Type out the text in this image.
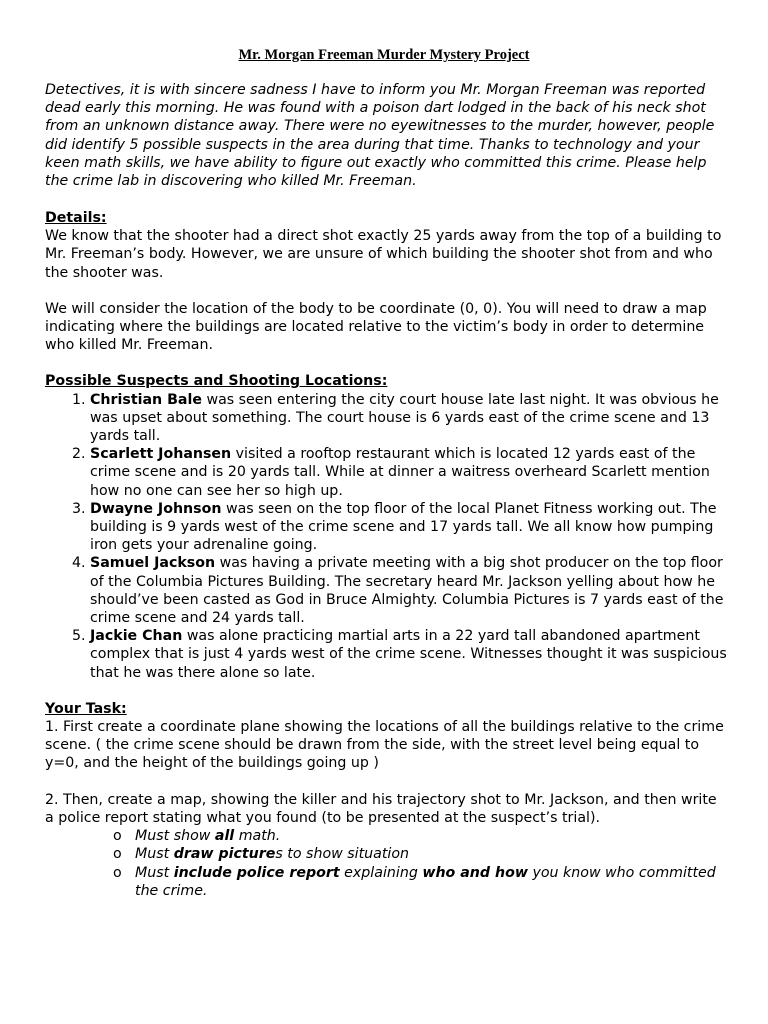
Mr. Morgan Freeman Murder Mystery Project

Detectives, it is with sincere sadness I have to inform you Mr. Morgan Freeman was reported dead early this morning. He was found with a poison dart lodged in the back of his neck shot from an unknown distance away. There were no eyewitnesses to the murder, however, people did identify 5 possible suspects in the area during that time. Thanks to technology and your keen math skills, we have ability to figure out exactly who committed this crime. Please help the crime lab in discovering who killed Mr. Freeman.

Details:

We know that the shooter had a direct shot exactly 25 yards away from the top of a building to Mr. Freeman’s body. However, we are unsure of which building the shooter shot from and who the shooter was.

We will consider the location of the body to be coordinate (0, 0). You will need to draw a map indicating where the buildings are located relative to the victim’s body in order to determine who killed Mr. Freeman.

Possible Suspects and Shooting Locations:

1. Christian Bale was seen entering the city court house late last night. It was obvious he was upset about something. The court house is 6 yards east of the crime scene and 13 yards tall.
2. Scarlett Johansen visited a rooftop restaurant which is located 12 yards east of the crime scene and is 20 yards tall. While at dinner a waitress overheard Scarlett mention how no one can see her so high up.
3. Dwayne Johnson was seen on the top floor of the local Planet Fitness working out. The building is 9 yards west of the crime scene and 17 yards tall. We all know how pumping iron gets your adrenaline going.
4. Samuel Jackson was having a private meeting with a big shot producer on the top floor of the Columbia Pictures Building. The secretary heard Mr. Jackson yelling about how he should’ve been casted as God in Bruce Almighty. Columbia Pictures is 7 yards east of the crime scene and 24 yards tall.
5. Jackie Chan was alone practicing martial arts in a 22 yard tall abandoned apartment complex that is just 4 yards west of the crime scene. Witnesses thought it was suspicious that he was there alone so late.

Your Task:

1. First create a coordinate plane showing the locations of all the buildings relative to the crime scene. ( the crime scene should be drawn from the side, with the street level being equal to y=0, and the height of the buildings going up )

2. Then, create a map, showing the killer and his trajectory shot to Mr. Jackson, and then write a police report stating what you found (to be presented at the suspect’s trial).

o Must show all math.
o Must draw pictures to show situation
o Must include police report explaining who and how you know who committed the crime.
